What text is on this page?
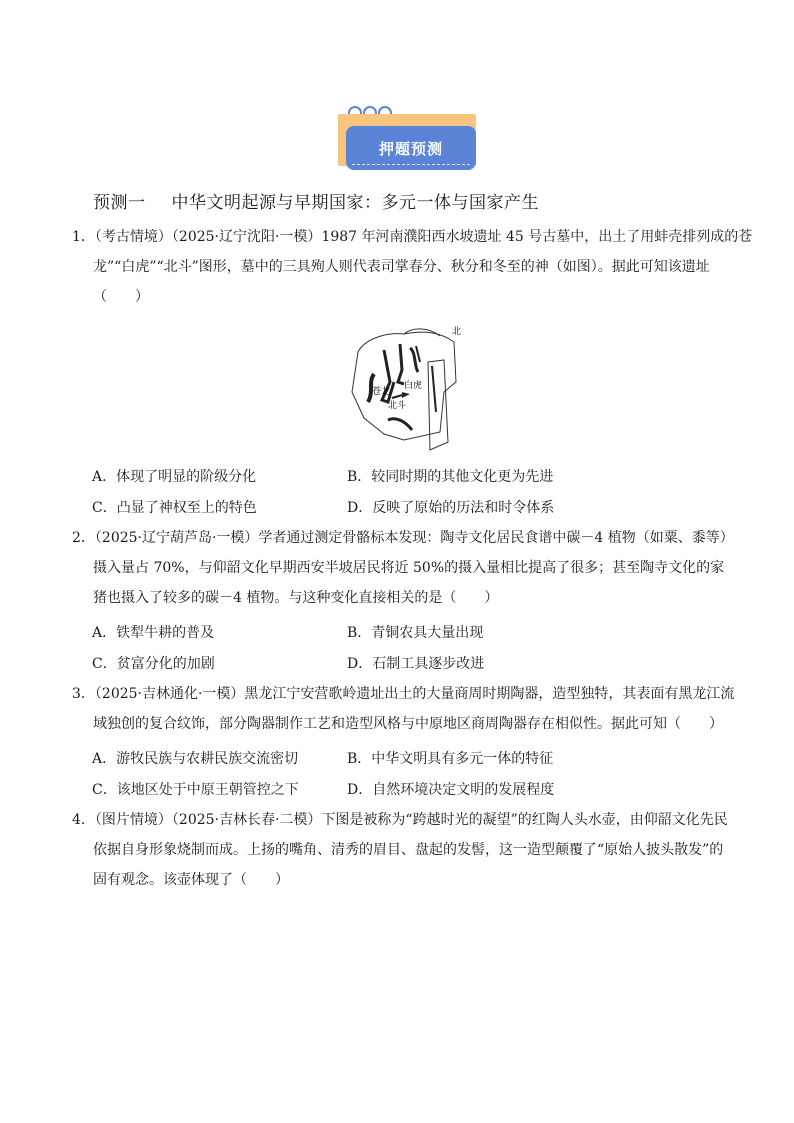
押题预测
预测一 中华文明起源与早期国家：多元一体与国家产生
1．（考古情境）（2025·辽宁沈阳·一模）1987 年河南濮阳西水坡遗址 45 号古墓中，出土了用蚌壳排列成的苍
龙”“白虎”“北斗”图形，墓中的三具殉人则代表司掌春分、秋分和冬至的神（如图）。据此可知该遗址
（　　）
北
白虎
苍龙
北斗
A．体现了明显的阶级分化	B．较同时期的其他文化更为先进
C．凸显了神权至上的特色	D．反映了原始的历法和时令体系
2．（2025·辽宁葫芦岛·一模）学者通过测定骨骼标本发现：陶寺文化居民食谱中碳－4 植物（如粟、黍等）
摄入量占 70%，与仰韶文化早期西安半坡居民将近 50%的摄入量相比提高了很多；甚至陶寺文化的家
猪也摄入了较多的碳－4 植物。与这种变化直接相关的是（　　）
A．铁犁牛耕的普及	B．青铜农具大量出现
C．贫富分化的加剧	D．石制工具逐步改进
3．（2025·吉林通化·一模）黑龙江宁安营歌岭遗址出土的大量商周时期陶器，造型独特，其表面有黑龙江流
域独创的复合纹饰，部分陶器制作工艺和造型风格与中原地区商周陶器存在相似性。据此可知（　　）
A．游牧民族与农耕民族交流密切	B．中华文明具有多元一体的特征
C．该地区处于中原王朝管控之下	D．自然环境决定文明的发展程度
4．（图片情境）（2025·吉林长春·二模）下图是被称为“跨越时光的凝望”的红陶人头水壶，由仰韶文化先民
依据自身形象烧制而成。上扬的嘴角、清秀的眉目、盘起的发髻，这一造型颠覆了“原始人披头散发”的
固有观念。该壶体现了（　　）
